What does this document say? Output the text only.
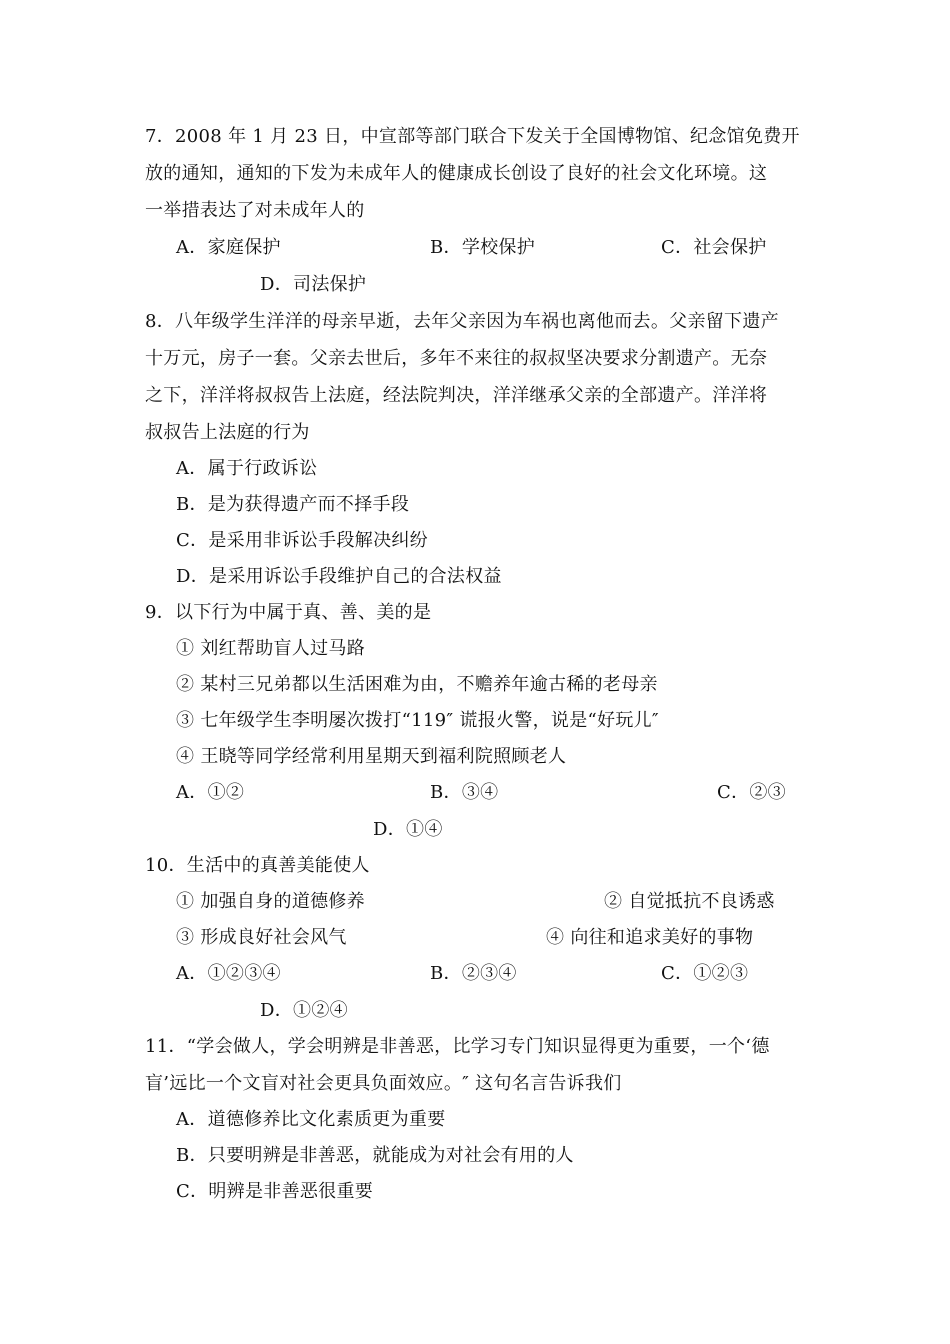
7．2008 年 1 月 23 日，中宣部等部门联合下发关于全国博物馆、纪念馆免费开
放的通知，通知的下发为未成年人的健康成长创设了良好的社会文化环境。这
一举措表达了对未成年人的
A．家庭保护	B．学校保护	C．社会保护
D．司法保护
8．八年级学生洋洋的母亲早逝，去年父亲因为车祸也离他而去。父亲留下遗产
十万元，房子一套。父亲去世后，多年不来往的叔叔坚决要求分割遗产。无奈
之下，洋洋将叔叔告上法庭，经法院判决，洋洋继承父亲的全部遗产。洋洋将
叔叔告上法庭的行为
A．属于行政诉讼
B．是为获得遗产而不择手段
C．是采用非诉讼手段解决纠纷
D．是采用诉讼手段维护自己的合法权益
9．以下行为中属于真、善、美的是
① 刘红帮助盲人过马路
② 某村三兄弟都以生活困难为由，不赡养年逾古稀的老母亲
③ 七年级学生李明屡次拨打“119″ 谎报火警，说是“好玩儿″
④ 王晓等同学经常利用星期天到福利院照顾老人
A．①②	B．③④	C．②③
D．①④
10．生活中的真善美能使人
① 加强自身的道德修养	② 自觉抵抗不良诱惑
③ 形成良好社会风气	④ 向往和追求美好的事物
A．①②③④	B．②③④	C．①②③
D．①②④
11．“学会做人，学会明辨是非善恶，比学习专门知识显得更为重要，一个‘德
盲’远比一个文盲对社会更具负面效应。″ 这句名言告诉我们
A．道德修养比文化素质更为重要
B．只要明辨是非善恶，就能成为对社会有用的人
C．明辨是非善恶很重要
